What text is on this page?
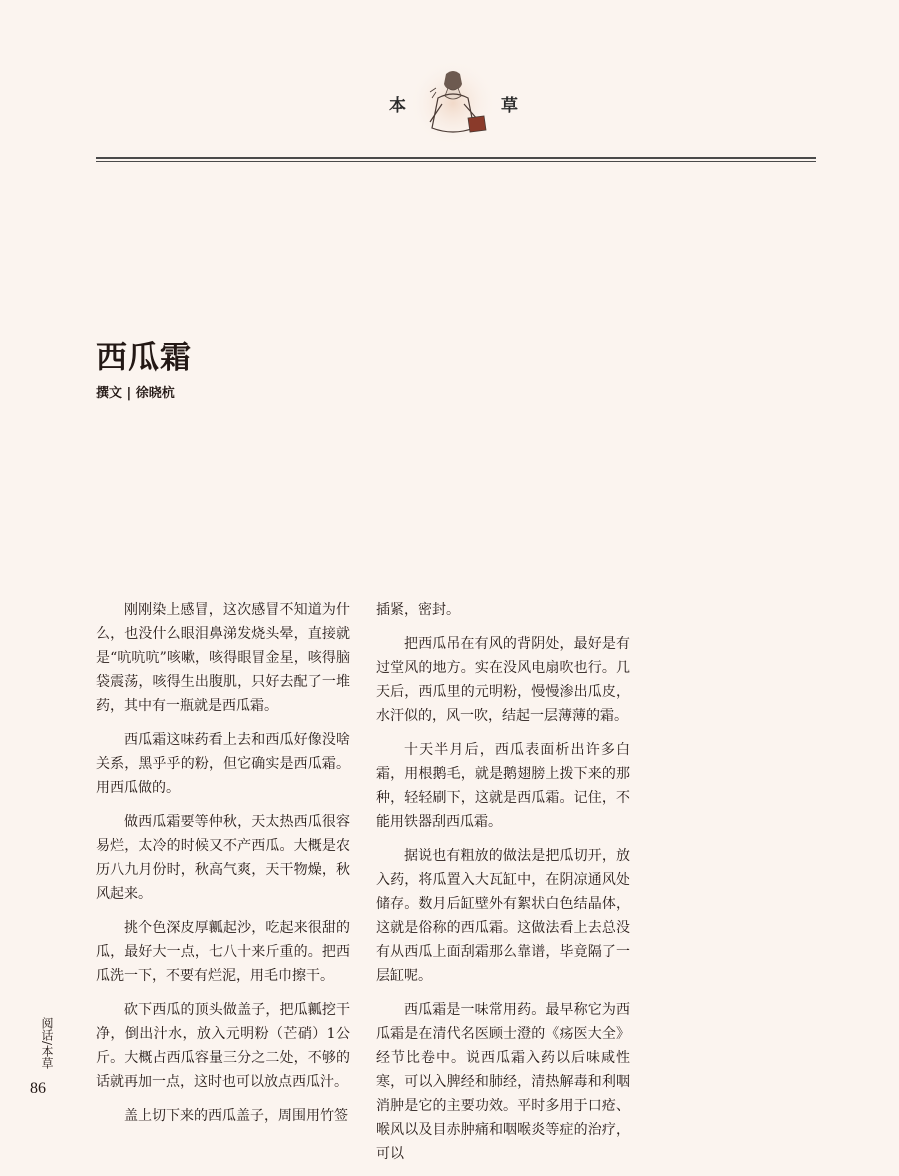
本	草
西瓜霜
撰文 | 徐晓杭

刚刚染上感冒，这次感冒不知道为什么，也没什么眼泪鼻涕发烧头晕，直接就是“吭吭吭”咳嗽，咳得眼冒金星，咳得脑袋震荡，咳得生出腹肌，只好去配了一堆药，其中有一瓶就是西瓜霜。

西瓜霜这味药看上去和西瓜好像没啥关系，黑乎乎的粉，但它确实是西瓜霜。用西瓜做的。

做西瓜霜要等仲秋，天太热西瓜很容易烂，太冷的时候又不产西瓜。大概是农历八九月份时，秋高气爽，天干物燥，秋风起来。

挑个色深皮厚瓤起沙，吃起来很甜的瓜，最好大一点，七八十来斤重的。把西瓜洗一下，不要有烂泥，用毛巾擦干。

砍下西瓜的顶头做盖子，把瓜瓤挖干净，倒出汁水，放入元明粉（芒硝）1公斤。大概占西瓜容量三分之二处，不够的话就再加一点，这时也可以放点西瓜汁。

盖上切下来的西瓜盖子，周围用竹签

插紧，密封。

把西瓜吊在有风的背阴处，最好是有过堂风的地方。实在没风电扇吹也行。几天后，西瓜里的元明粉，慢慢渗出瓜皮，水汗似的，风一吹，结起一层薄薄的霜。

十天半月后，西瓜表面析出许多白霜，用根鹅毛，就是鹅翅膀上拨下来的那种，轻轻刷下，这就是西瓜霜。记住，不能用铁器刮西瓜霜。

据说也有粗放的做法是把瓜切开，放入药，将瓜置入大瓦缸中，在阴凉通风处储存。数月后缸壁外有絮状白色结晶体，这就是俗称的西瓜霜。这做法看上去总没有从西瓜上面刮霜那么靠谱，毕竟隔了一层缸呢。

西瓜霜是一味常用药。最早称它为西瓜霜是在清代名医顾士澄的《疡医大全》经节比卷中。说西瓜霜入药以后味咸性寒，可以入脾经和肺经，清热解毒和利咽消肿是它的主要功效。平时多用于口疮、喉风以及目赤肿痛和咽喉炎等症的治疗，可以

阅话/本草
86
